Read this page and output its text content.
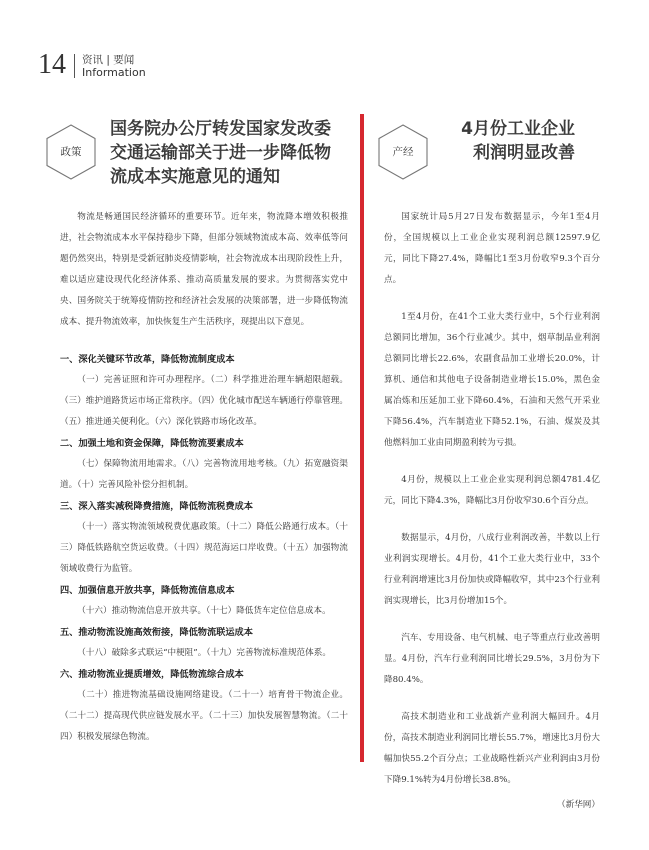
14 资讯 | 要闻
Information
政策
国务院办公厅转发国家发改委
交通运输部关于进一步降低物
流成本实施意见的通知

物流是畅通国民经济循环的重要环节。近年来，物流降本增效积极推进，社会物流成本水平保持稳步下降，但部分领域物流成本高、效率低等问题仍然突出，特别是受新冠肺炎疫情影响，社会物流成本出现阶段性上升，难以适应建设现代化经济体系、推动高质量发展的要求。为贯彻落实党中央、国务院关于统筹疫情防控和经济社会发展的决策部署，进一步降低物流成本、提升物流效率，加快恢复生产生活秩序，现提出以下意见。

一、深化关键环节改革，降低物流制度成本

（一）完善证照和许可办理程序。（二）科学推进治理车辆超限超载。（三）维护道路货运市场正常秩序。（四）优化城市配送车辆通行停靠管理。（五）推进通关便利化。（六）深化铁路市场化改革。

二、加强土地和资金保障，降低物流要素成本

（七）保障物流用地需求。（八）完善物流用地考核。（九）拓宽融资渠道。（十）完善风险补偿分担机制。

三、深入落实减税降费措施，降低物流税费成本

（十一）落实物流领域税费优惠政策。（十二）降低公路通行成本。（十三）降低铁路航空货运收费。（十四）规范海运口岸收费。（十五）加强物流领域收费行为监管。

四、加强信息开放共享，降低物流信息成本

（十六）推动物流信息开放共享。（十七）降低货车定位信息成本。

五、推动物流设施高效衔接，降低物流联运成本

（十八）破除多式联运“中梗阻”。（十九）完善物流标准规范体系。

六、推动物流业提质增效，降低物流综合成本

（二十）推进物流基础设施网络建设。（二十一）培育骨干物流企业。（二十二）提高现代供应链发展水平。（二十三）加快发展智慧物流。（二十四）积极发展绿色物流。

产经
4月份工业企业
利润明显改善

国家统计局5月27日发布数据显示，今年1至4月份，全国规模以上工业企业实现利润总额12597.9亿元，同比下降27.4%，降幅比1至3月份收窄9.3个百分点。

1至4月份，在41个工业大类行业中，5个行业利润总额同比增加，36个行业减少。其中，烟草制品业利润总额同比增长22.6%，农副食品加工业增长20.0%，计算机、通信和其他电子设备制造业增长15.0%，黑色金属冶炼和压延加工业下降60.4%，石油和天然气开采业下降56.4%，汽车制造业下降52.1%，石油、煤炭及其他燃料加工业由同期盈利转为亏损。

4月份，规模以上工业企业实现利润总额4781.4亿元，同比下降4.3%，降幅比3月份收窄30.6个百分点。

数据显示，4月份，八成行业利润改善，半数以上行业利润实现增长。4月份，41个工业大类行业中，33个行业利润增速比3月份加快或降幅收窄，其中23个行业利润实现增长，比3月份增加15个。

汽车、专用设备、电气机械、电子等重点行业改善明显。4月份，汽车行业利润同比增长29.5%，3月份为下降80.4%。

高技术制造业和工业战新产业利润大幅回升。4月份，高技术制造业利润同比增长55.7%，增速比3月份大幅加快55.2个百分点；工业战略性新兴产业利润由3月份下降9.1%转为4月份增长38.8%。

（新华网）
